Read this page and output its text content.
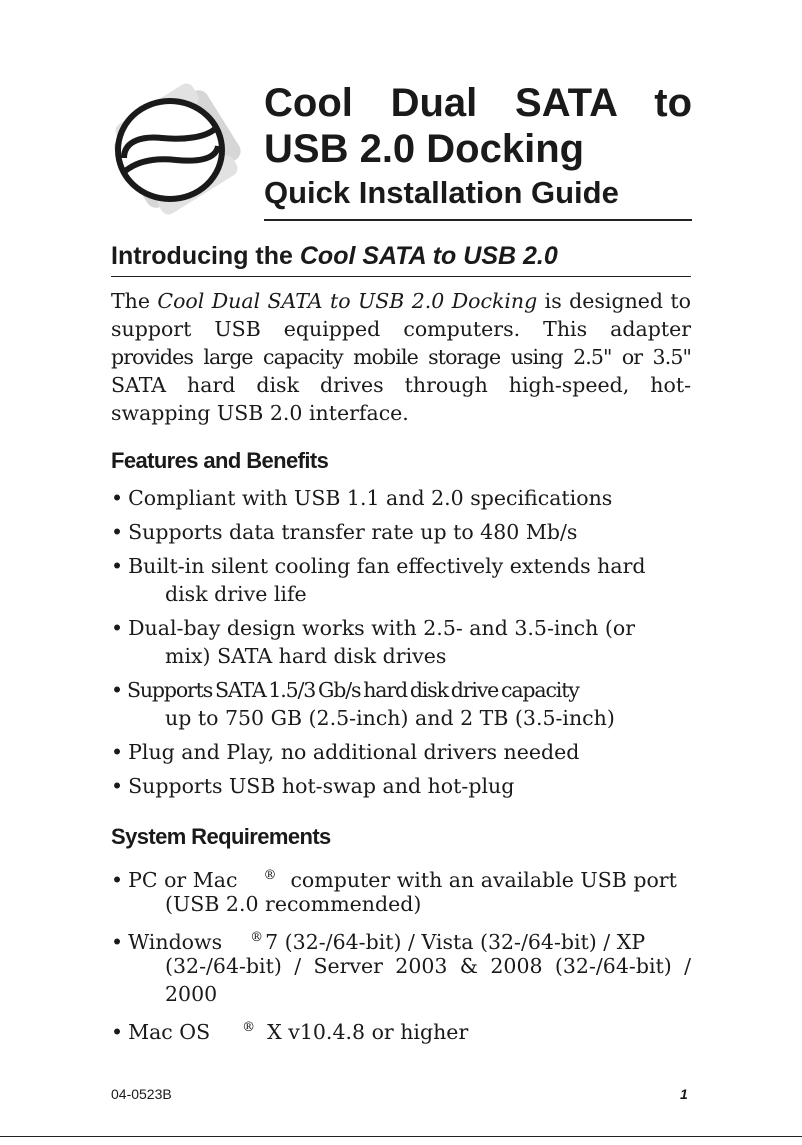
Cool Dual SATA to
USB 2.0 Docking
Quick Installation Guide
Introducing the Cool SATA to USB 2.0
The Cool Dual SATA to USB 2.0 Docking is designed to
support USB equipped computers. This adapter
provides large capacity mobile storage using 2.5" or 3.5"
SATA hard disk drives through high-speed, hot-
swapping USB 2.0 interface.
Features and Benefits
• Compliant with USB 1.1 and 2.0 specifications
• Supports data transfer rate up to 480 Mb/s
• Built-in silent cooling fan effectively extends hard
disk drive life
• Dual-bay design works with 2.5- and 3.5-inch (or
mix) SATA hard disk drives
• Supports SATA 1.5/3 Gb/s hard disk drive capacity
up to 750 GB (2.5-inch) and 2 TB (3.5-inch)
• Plug and Play, no additional drivers needed
• Supports USB hot-swap and hot-plug
System Requirements
• PC or Mac ® computer with an available USB port
(USB 2.0 recommended)
• Windows ®7 (32-/64-bit) / Vista (32-/64-bit) / XP
(32-/64-bit) / Server 2003 & 2008 (32-/64-bit) /
2000
• Mac OS ® X v10.4.8 or higher
04-0523B	1
